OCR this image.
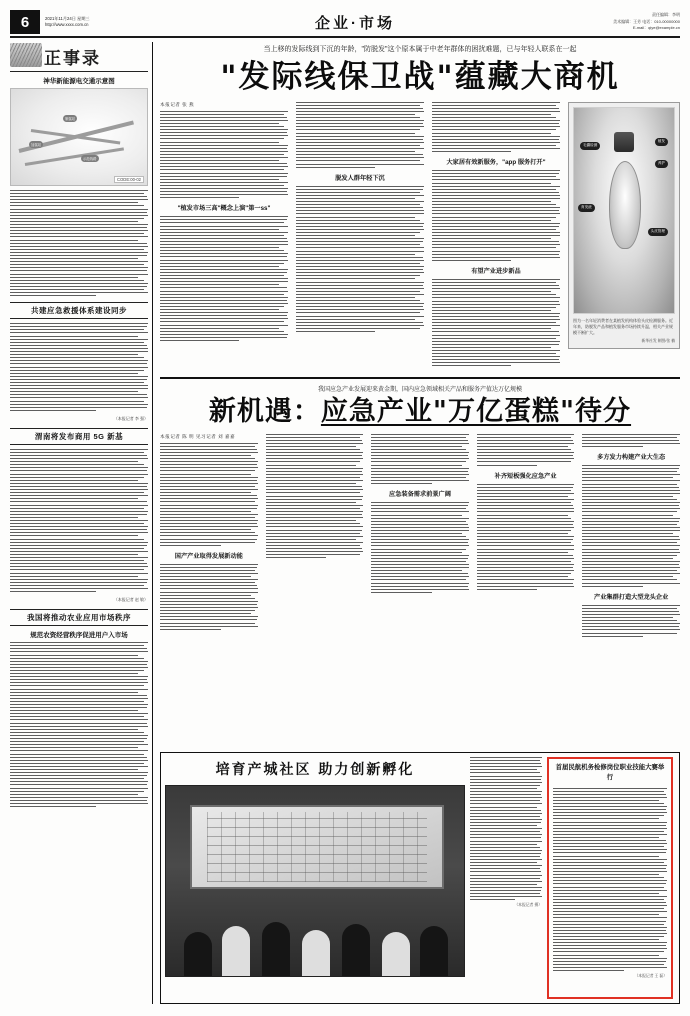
6	2021年11月24日 星期三
http://www.xxxx.com.cn	企业·市场	责任编辑：李明
美术编辑：王芳 电话：010-00000000
E-mail：qiye@example.cn
正事录
神华新能源电交通示意图
制氢站
加氢站
示范线路
CODE:00-02
共建应急救援体系建设同步
（本报记者 李 强）
渭南将发布商用 5G 新基
（本报记者 赵 敏）
我国将推动农业应用市场秩序
规范农资经营秩序促进用户入市场
当上移的发际线到下沉的年龄，"防脱发"这个原本属于中老年群体的困扰难题，已与年轻人联系在一起
"发际线保卫战"蕴藏大商机
本报记者 张 燕
"植发市场三高"概念上演"第一ss"
脱发人群年轻下沉
大家居有效新服务，"app 服务打开"
有望产业进步新品
毛囊检测
植发
养护
育发液
头皮管理
图为一名年轻消费者在某植发机构体验头皮检测服务。近年来，防脱发产品和植发服务市场持续升温，相关产业规模不断扩大。
新华社发 制图/张 楠
我国应急产业发展迎来黄金期，国内应急领域相关产品和服务产值达万亿规模
新机遇：应急产业"万亿蛋糕"待分
本报记者 陈 明 见习记者 刘 嘉嘉
国产产业取得发展新动能
应急装备需求前景广阔
补齐短板强化应急产业
多方发力构建产业大生态
产业集群打造大型龙头企业
培育产城社区 助力创新孵化
（本报记者 摄）
首届民航机务检修岗位职业技能大赛举行
（本报记者 王 磊）
